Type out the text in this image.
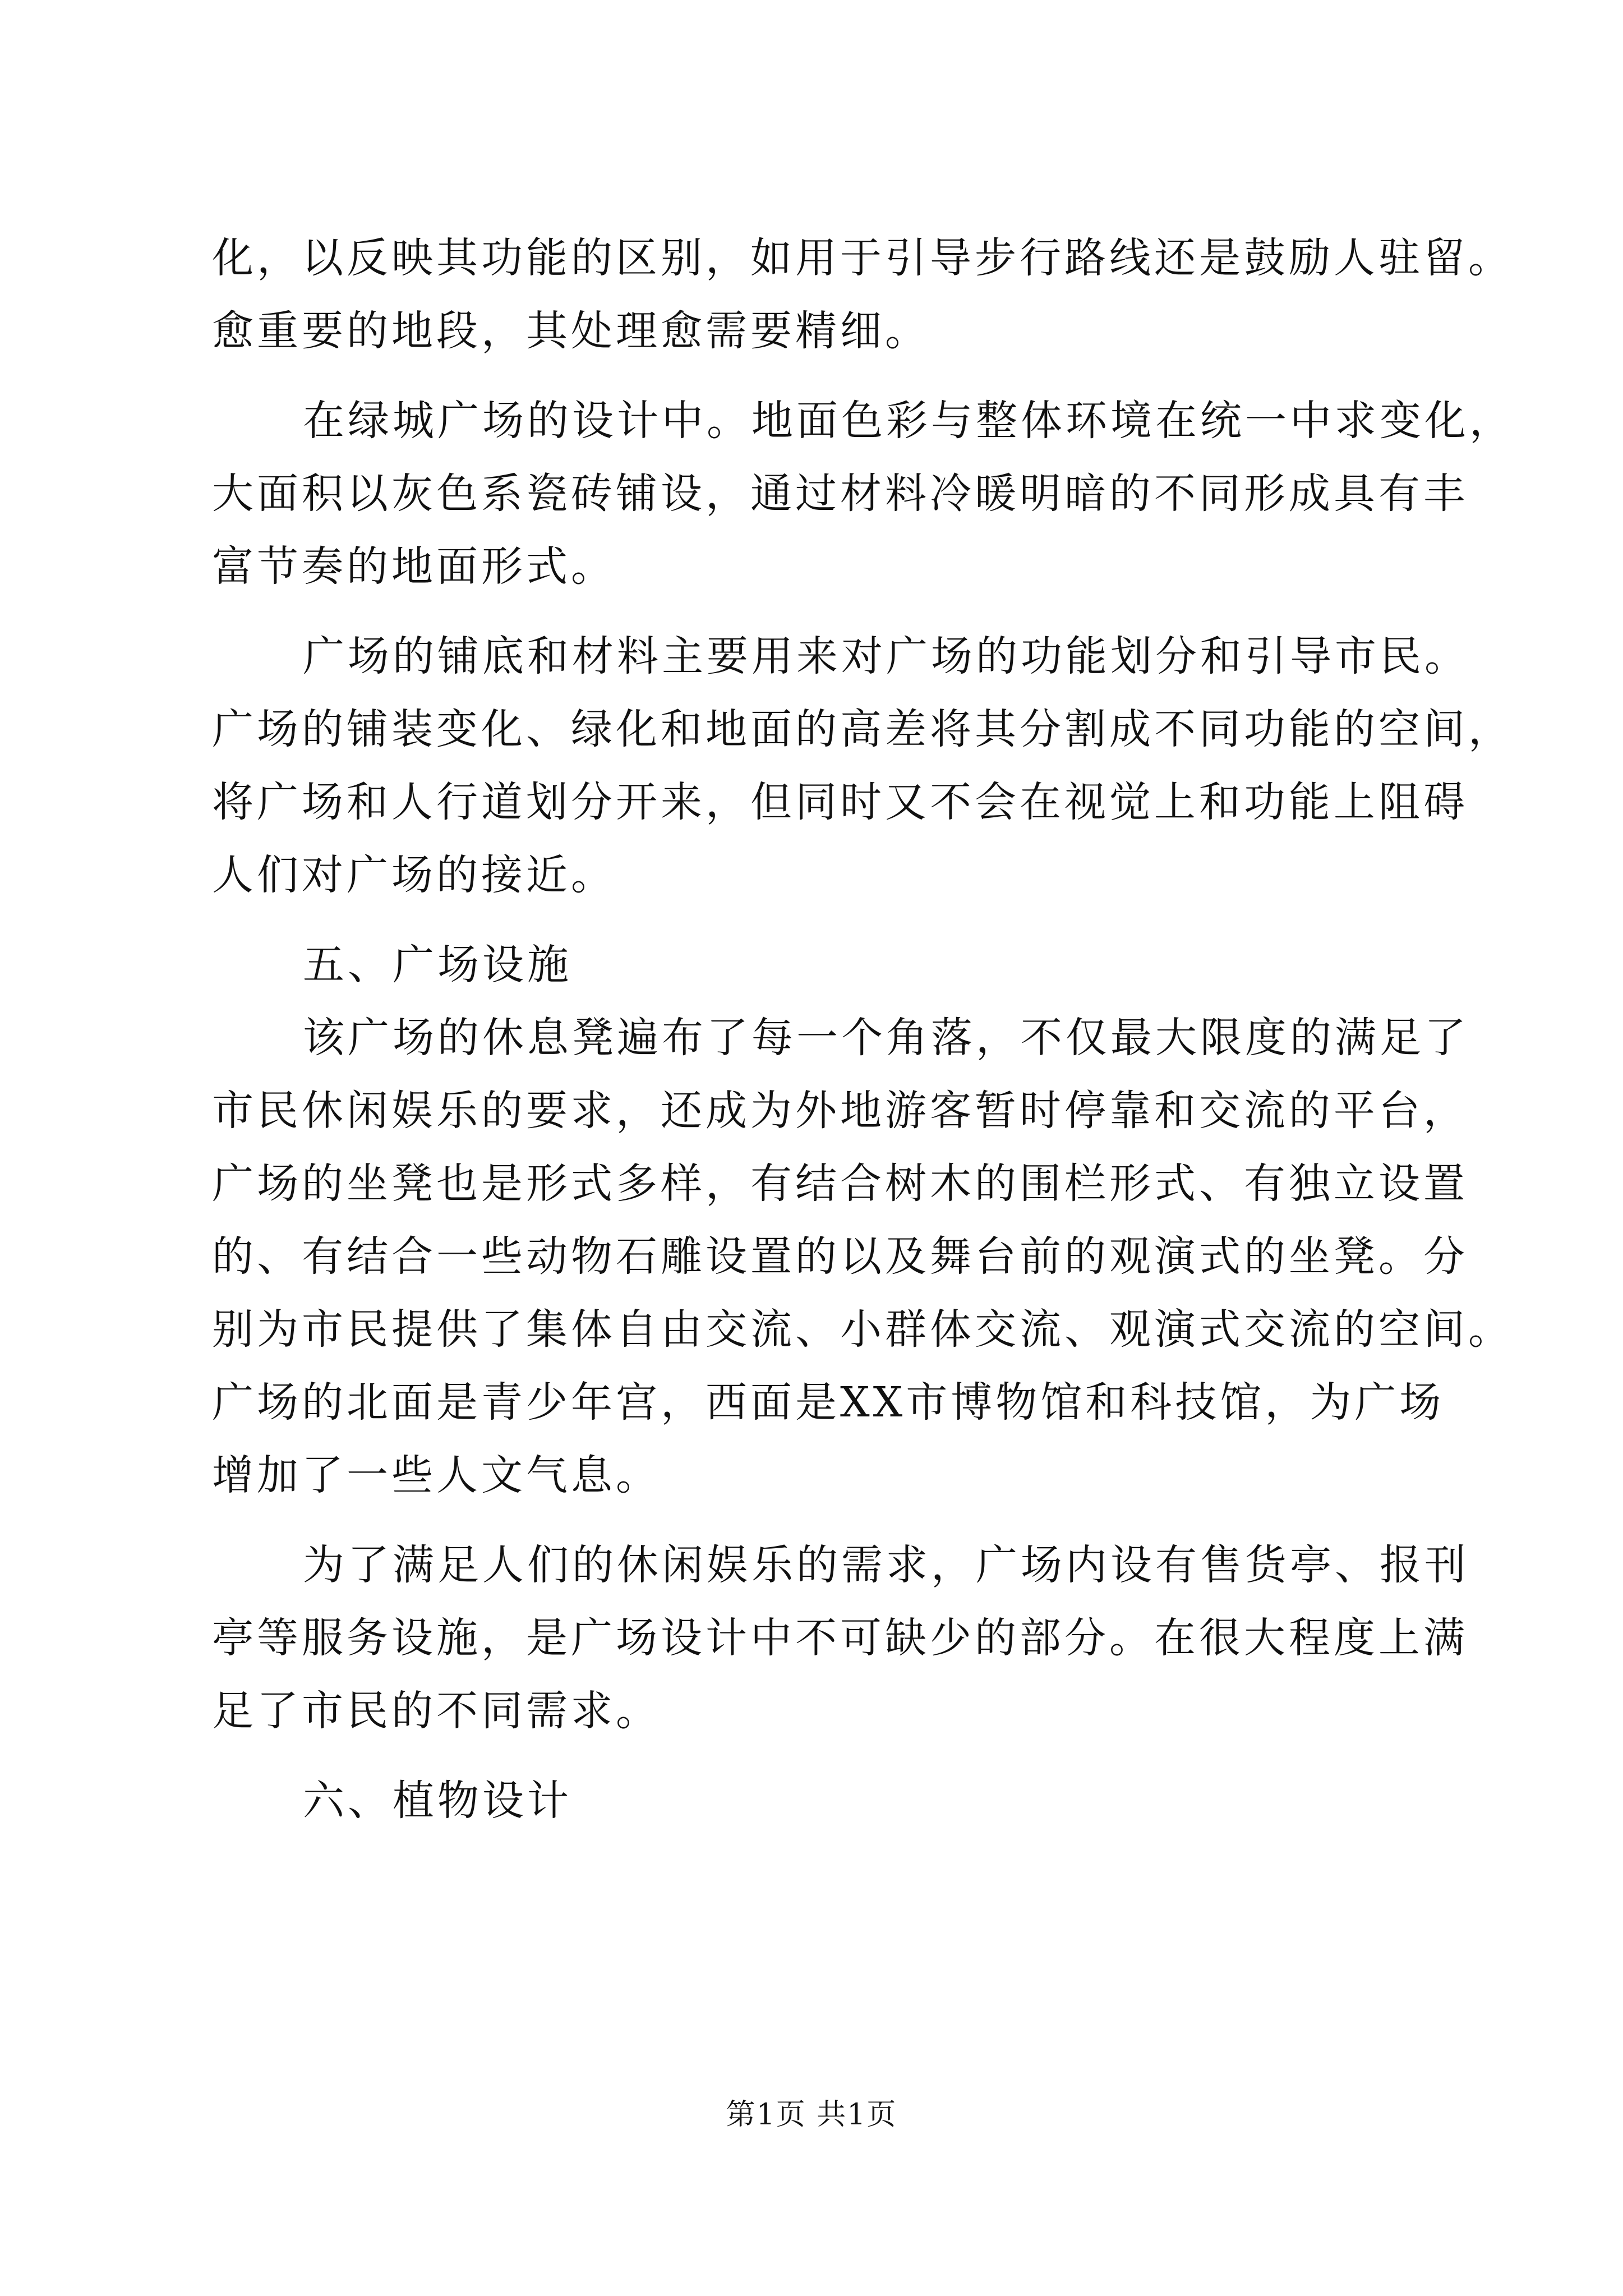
化，以反映其功能的区别，如用于引导步行路线还是鼓励人驻留。
愈重要的地段，其处理愈需要精细。
在绿城广场的设计中。地面色彩与整体环境在统一中求变化，
大面积以灰色系瓷砖铺设，通过材料冷暖明暗的不同形成具有丰
富节奏的地面形式。
广场的铺底和材料主要用来对广场的功能划分和引导市民。
广场的铺装变化、绿化和地面的高差将其分割成不同功能的空间，
将广场和人行道划分开来，但同时又不会在视觉上和功能上阻碍
人们对广场的接近。
五、广场设施
该广场的休息凳遍布了每一个角落，不仅最大限度的满足了
市民休闲娱乐的要求，还成为外地游客暂时停靠和交流的平台，
广场的坐凳也是形式多样，有结合树木的围栏形式、有独立设置
的、有结合一些动物石雕设置的以及舞台前的观演式的坐凳。分
别为市民提供了集体自由交流、小群体交流、观演式交流的空间。
广场的北面是青少年宫，西面是XX市博物馆和科技馆，为广场
增加了一些人文气息。
为了满足人们的休闲娱乐的需求，广场内设有售货亭、报刊
亭等服务设施，是广场设计中不可缺少的部分。在很大程度上满
足了市民的不同需求。
六、植物设计
第1页 共1页
